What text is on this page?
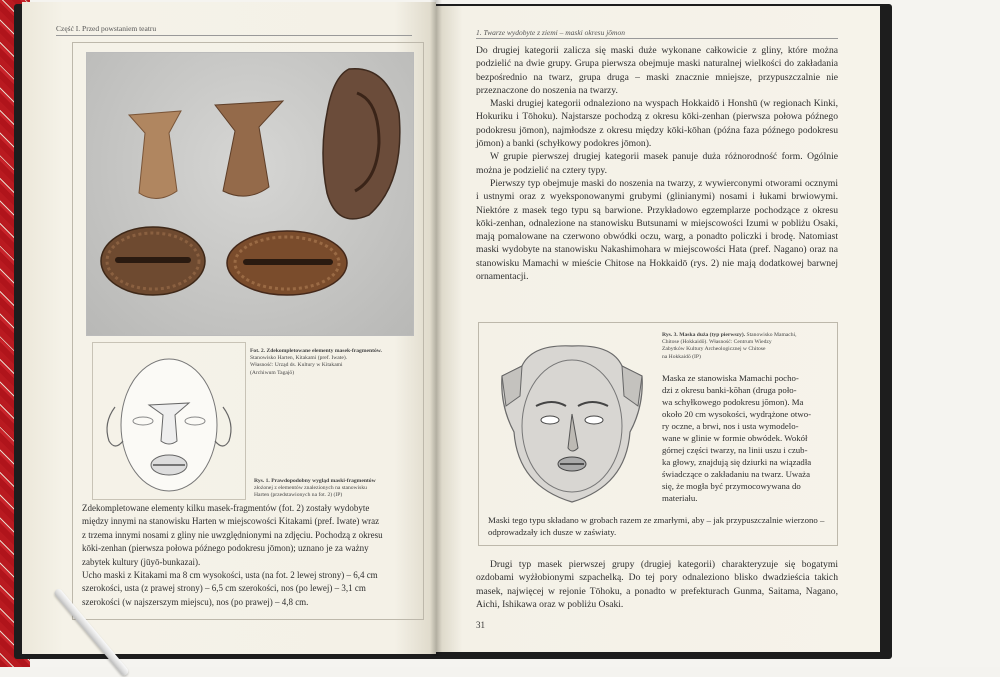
Część I. Przed powstaniem teatru
Fot. 2. Zdekompletowane elementy masek-fragmentów.
Stanowisko Harten, Kitakami (pref. Iwate).
Własność: Urząd ds. Kultury w Kitakami
(Archiwum Tagajō)
Rys. 1. Prawdopodobny wygląd maski-fragmentów
złożonej z elementów znalezionych na stanowisku
Harten (przedstawionych na fot. 2) (IP)
Zdekompletowane elementy kilku masek-fragmentów (fot. 2) zostały wydobyte
między innymi na stanowisku Harten w miejscowości Kitakami (pref. Iwate) wraz
z trzema innymi nosami z gliny nie uwzględnionymi na zdjęciu. Pochodzą z okresu
kōki-zenhan (pierwsza połowa późnego podokresu jōmon); uznano je za ważny
zabytek kultury (jūyō-bunkazai).
Ucho maski z Kitakami ma 8 cm wysokości, usta (na fot. 2 lewej strony) – 6,4 cm
szerokości, usta (z prawej strony) – 6,5 cm szerokości, nos (po lewej) – 3,1 cm
szerokości (w najszerszym miejscu), nos (po prawej) – 4,8 cm.
1. Twarze wydobyte z ziemi – maski okresu jōmon

Do drugiej kategorii zalicza się maski duże wykonane całkowicie z gliny, które można podzielić na dwie grupy. Grupa pierwsza obejmuje maski naturalnej wielkości do zakładania bezpośrednio na twarz, grupa druga – maski znacznie mniejsze, przypuszczalnie nie przeznaczone do noszenia na twarzy.

Maski drugiej kategorii odnaleziono na wyspach Hokkaidō i Honshū (w regionach Kinki, Hokuriku i Tōhoku). Najstarsze pochodzą z okresu kōki-zenhan (pierwsza połowa późnego podokresu jōmon), najmłodsze z okresu między kōki-kōhan (późna faza późnego podokresu jōmon) a banki (schyłkowy podokres jōmon).

W grupie pierwszej drugiej kategorii masek panuje duża różnorodność form. Ogólnie można je podzielić na cztery typy.

Pierwszy typ obejmuje maski do noszenia na twarzy, z wywierconymi otworami ocznymi i ustnymi oraz z wyeksponowanymi grubymi (glinianymi) nosami i łukami brwiowymi. Niektóre z masek tego typu są barwione. Przykładowo egzemplarze pochodzące z okresu kōki-zenhan, odnalezione na stanowisku Butsunami w miejscowości Izumi w pobliżu Osaki, mają pomalowane na czerwono obwódki oczu, warg, a ponadto policzki i brodę. Natomiast maski wydobyte na stanowisku Nakashimohara w miejscowości Hata (pref. Nagano) oraz na stanowisku Mamachi w mieście Chitose na Hokkaidō (rys. 2) nie mają dodatkowej barwnej ornamentacji.

Rys. 3. Maska duża (typ pierwszy). Stanowisko Mamachi,
Chitose (Hokkaidō). Własność: Centrum Wiedzy
Zabytków Kultury Archeologicznej w Chitose
na Hokkaidō (IP)
Maska ze stanowiska Mamachi pocho-
dzi z okresu banki-kōhan (druga poło-
wa schyłkowego podokresu jōmon). Ma
około 20 cm wysokości, wydrążone otwo-
ry oczne, a brwi, nos i usta wymodelo-
wane w glinie w formie obwódek. Wokół
górnej części twarzy, na linii uszu i czub-
ka głowy, znajdują się dziurki na wiązadła
świadczące o zakładaniu na twarz. Uważa
się, że mogła być przymocowywana do
materiału.
Maski tego typu składano w grobach razem ze zmarłymi, aby – jak przypuszczalnie wierzono – odprowadzały ich dusze w zaświaty.

Drugi typ masek pierwszej grupy (drugiej kategorii) charakteryzuje się bogatymi ozdobami wyżłobionymi szpachelką. Do tej pory odnaleziono blisko dwadzieścia takich masek, najwięcej w rejonie Tōhoku, a ponadto w prefekturach Gunma, Saitama, Nagano, Aichi, Ishikawa oraz w pobliżu Osaki.

31
